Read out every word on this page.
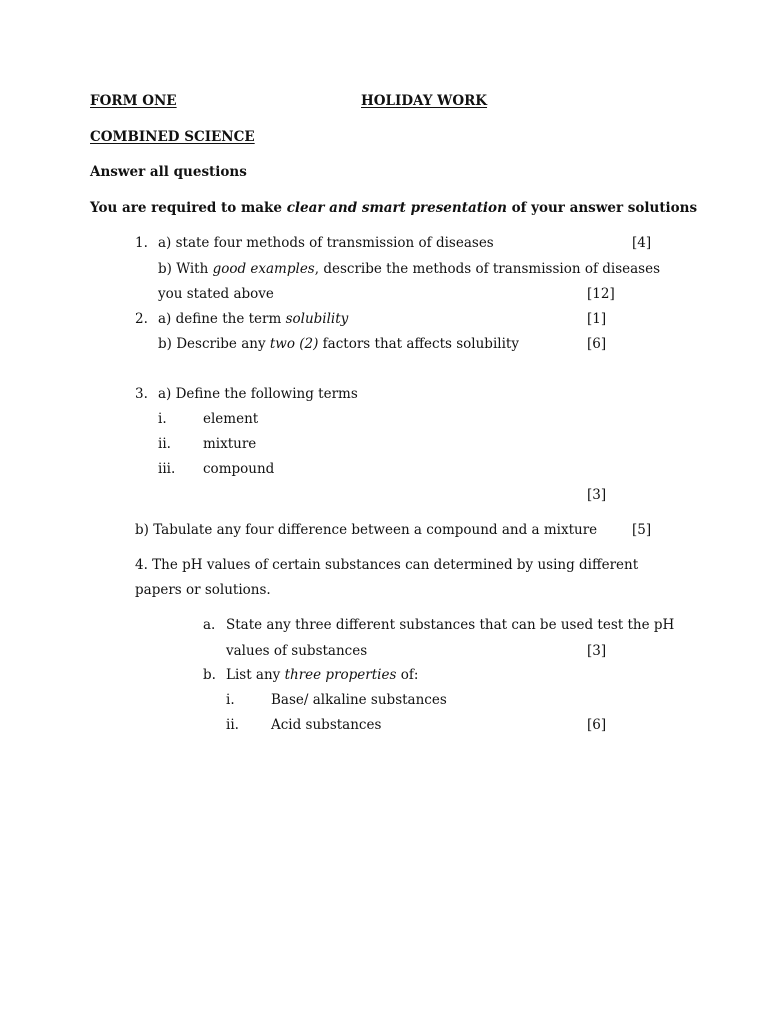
FORM ONE	HOLIDAY WORK
COMBINED SCIENCE
Answer all questions
You are required to make clear and smart presentation of your answer solutions
1. a) state four methods of transmission of diseases	[4]
b) With good examples, describe the methods of transmission of diseases
you stated above	[12]
2. a) define the term solubility	[1]
b) Describe any two (2) factors that affects solubility	[6]
3. a) Define the following terms
i.	element
ii. mixture
iii. compound
[3]
b) Tabulate any four difference between a compound and a mixture	[5]
4. The pH values of certain substances can determined by using different
papers or solutions.
a. State any three different substances that can be used test the pH
values of substances	[3]
b. List any three properties of:
i.	Base/ alkaline substances
ii. Acid substances	[6]
